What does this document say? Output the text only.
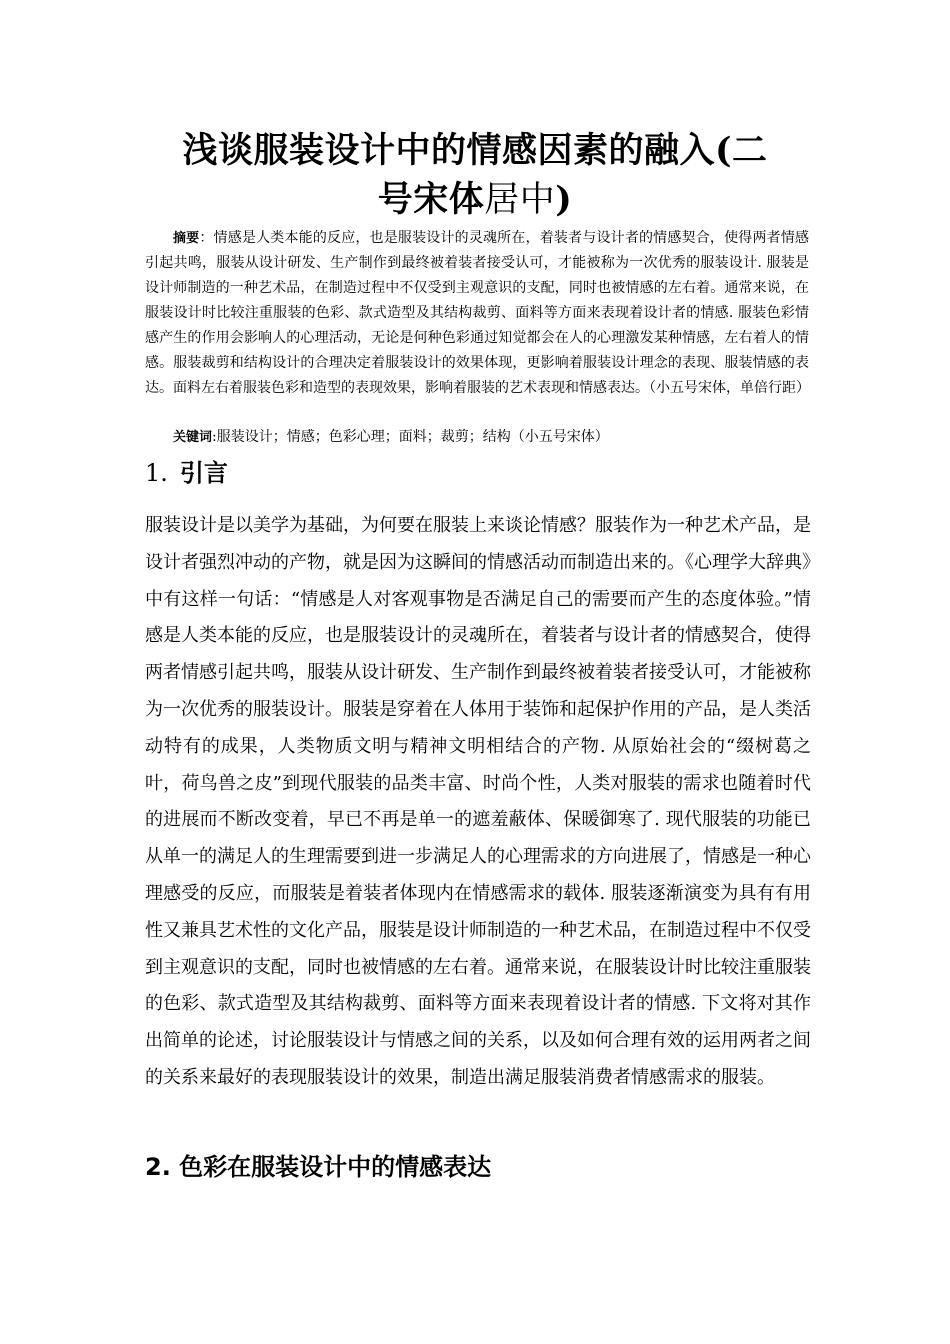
浅谈服装设计中的情感因素的融入(二
号宋体居中)
摘要：情感是人类本能的反应，也是服装设计的灵魂所在，着装者与设计者的情感契合，使得两者情感引起共鸣，服装从设计研发、生产制作到最终被着装者接受认可，才能被称为一次优秀的服装设计. 服装是设计师制造的一种艺术品，在制造过程中不仅受到主观意识的支配，同时也被情感的左右着。通常来说，在服装设计时比较注重服装的色彩、款式造型及其结构裁剪、面料等方面来表现着设计者的情感. 服装色彩情感产生的作用会影响人的心理活动，无论是何种色彩通过知觉都会在人的心理激发某种情感，左右着人的情感。服装裁剪和结构设计的合理决定着服装设计的效果体现，更影响着服装设计理念的表现、服装情感的表达。面料左右着服装色彩和造型的表现效果，影响着服装的艺术表现和情感表达。（小五号宋体，单倍行距）
关键词:服装设计；情感；色彩心理；面料；裁剪；结构（小五号宋体）
1. 引言

服装设计是以美学为基础，为何要在服装上来谈论情感？服装作为一种艺术产品，是设计者强烈冲动的产物，就是因为这瞬间的情感活动而制造出来的。《心理学大辞典》中有这样一句话：“情感是人对客观事物是否满足自己的需要而产生的态度体验。”情感是人类本能的反应，也是服装设计的灵魂所在，着装者与设计者的情感契合，使得两者情感引起共鸣，服装从设计研发、生产制作到最终被着装者接受认可，才能被称为一次优秀的服装设计。服装是穿着在人体用于装饰和起保护作用的产品，是人类活动特有的成果，人类物质文明与精神文明相结合的产物. 从原始社会的“缀树葛之叶，荷鸟兽之皮”到现代服装的品类丰富、时尚个性，人类对服装的需求也随着时代的进展而不断改变着，早已不再是单一的遮羞蔽体、保暖御寒了. 现代服装的功能已从单一的满足人的生理需要到进一步满足人的心理需求的方向进展了，情感是一种心理感受的反应，而服装是着装者体现内在情感需求的载体. 服装逐渐演变为具有有用性又兼具艺术性的文化产品，服装是设计师制造的一种艺术品，在制造过程中不仅受到主观意识的支配，同时也被情感的左右着。通常来说，在服装设计时比较注重服装的色彩、款式造型及其结构裁剪、面料等方面来表现着设计者的情感. 下文将对其作出简单的论述，讨论服装设计与情感之间的关系，以及如何合理有效的运用两者之间的关系来最好的表现服装设计的效果，制造出满足服装消费者情感需求的服装。

2. 色彩在服装设计中的情感表达
